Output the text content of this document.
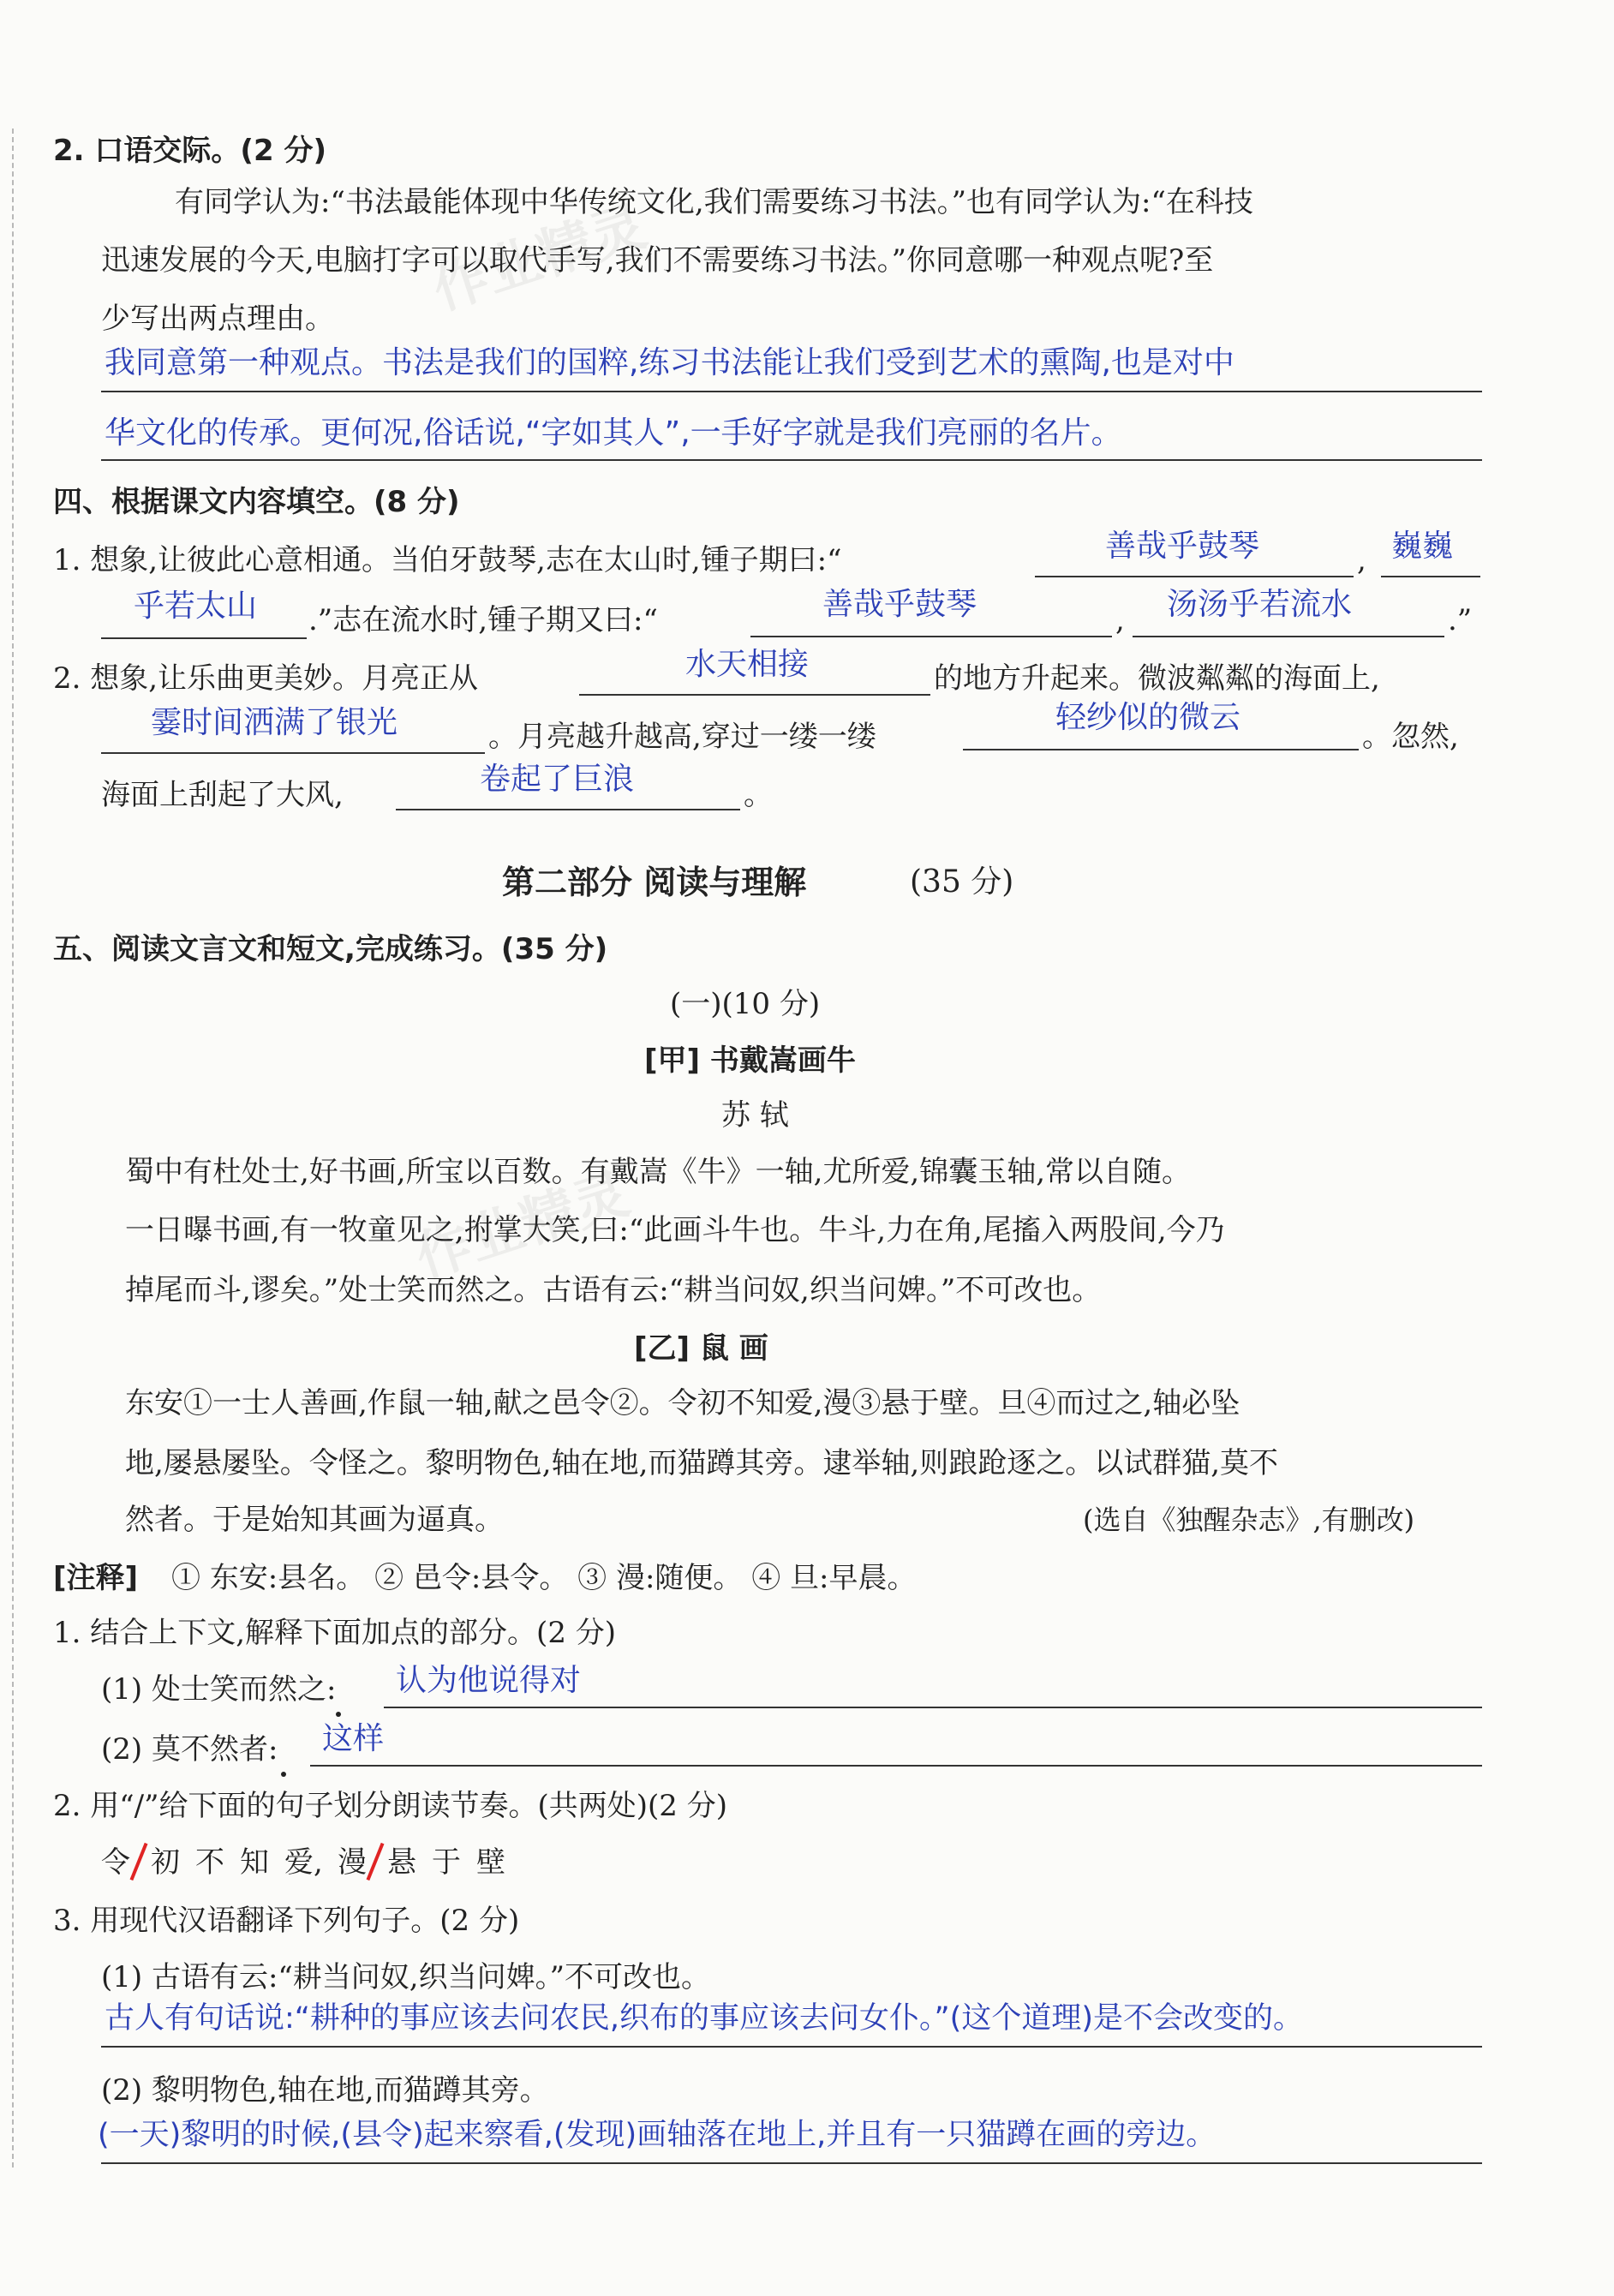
作业精灵
作业精灵
2. 口语交际。(2 分)
有同学认为:“书法最能体现中华传统文化,我们需要练习书法。”也有同学认为:“在科技
迅速发展的今天,电脑打字可以取代手写,我们不需要练习书法。”你同意哪一种观点呢?至
少写出两点理由。
我同意第一种观点。书法是我们的国粹,练习书法能让我们受到艺术的熏陶,也是对中
华文化的传承。更何况,俗话说,“字如其人”,一手好字就是我们亮丽的名片。
四、根据课文内容填空。(8 分)
1. 想象,让彼此心意相通。当伯牙鼓琴,志在太山时,锺子期曰:“	善哉乎鼓琴	, 巍巍
乎若太山 .”志在流水时,锺子期又曰:“	善哉乎鼓琴	, 汤汤乎若流水	.”
2. 想象,让乐曲更美妙。月亮正从	水天相接	的地方升起来。微波粼粼的海面上,
霎时间洒满了银光	。月亮越升越高,穿过一缕一缕
轻纱似的微云
。忽然,
海面上刮起了大风,	卷起了巨浪	。
第二部分 阅读与理解	(35 分)
五、阅读文言文和短文,完成练习。(35 分)
(一)(10 分)
[甲] 书戴嵩画牛
苏 轼
蜀中有杜处士,好书画,所宝以百数。有戴嵩《牛》一轴,尤所爱,锦囊玉轴,常以自随。
一日曝书画,有一牧童见之,拊掌大笑,曰:“此画斗牛也。牛斗,力在角,尾搐入两股间,今乃
掉尾而斗,谬矣。”处士笑而然之。古语有云:“耕当问奴,织当问婢。”不可改也。
[乙] 鼠 画
东安①一士人善画,作鼠一轴,献之邑令②。令初不知爱,漫③悬于壁。旦④而过之,轴必坠
地,屡悬屡坠。令怪之。黎明物色,轴在地,而猫蹲其旁。逮举轴,则踉跄逐之。以试群猫,莫不
然者。于是始知其画为逼真。	(选自《独醒杂志》,有删改)
[注释] ① 东安:县名。 ② 邑令:县令。 ③ 漫:随便。 ④ 旦:早晨。
1. 结合上下文,解释下面加点的部分。(2 分)
(1) 处士笑而然之: 认为他说得对
(2) 莫不然者: 这样
2. 用“/”给下面的句子划分朗读节奏。(共两处)(2 分)
令 初 不 知 爱, 漫 悬 于 壁
3. 用现代汉语翻译下列句子。(2 分)
(1) 古语有云:“耕当问奴,织当问婢。”不可改也。
古人有句话说:“耕种的事应该去问农民,织布的事应该去问女仆。”(这个道理)是不会改变的。
(2) 黎明物色,轴在地,而猫蹲其旁。
(一天)黎明的时候,(县令)起来察看,(发现)画轴落在地上,并且有一只猫蹲在画的旁边。
